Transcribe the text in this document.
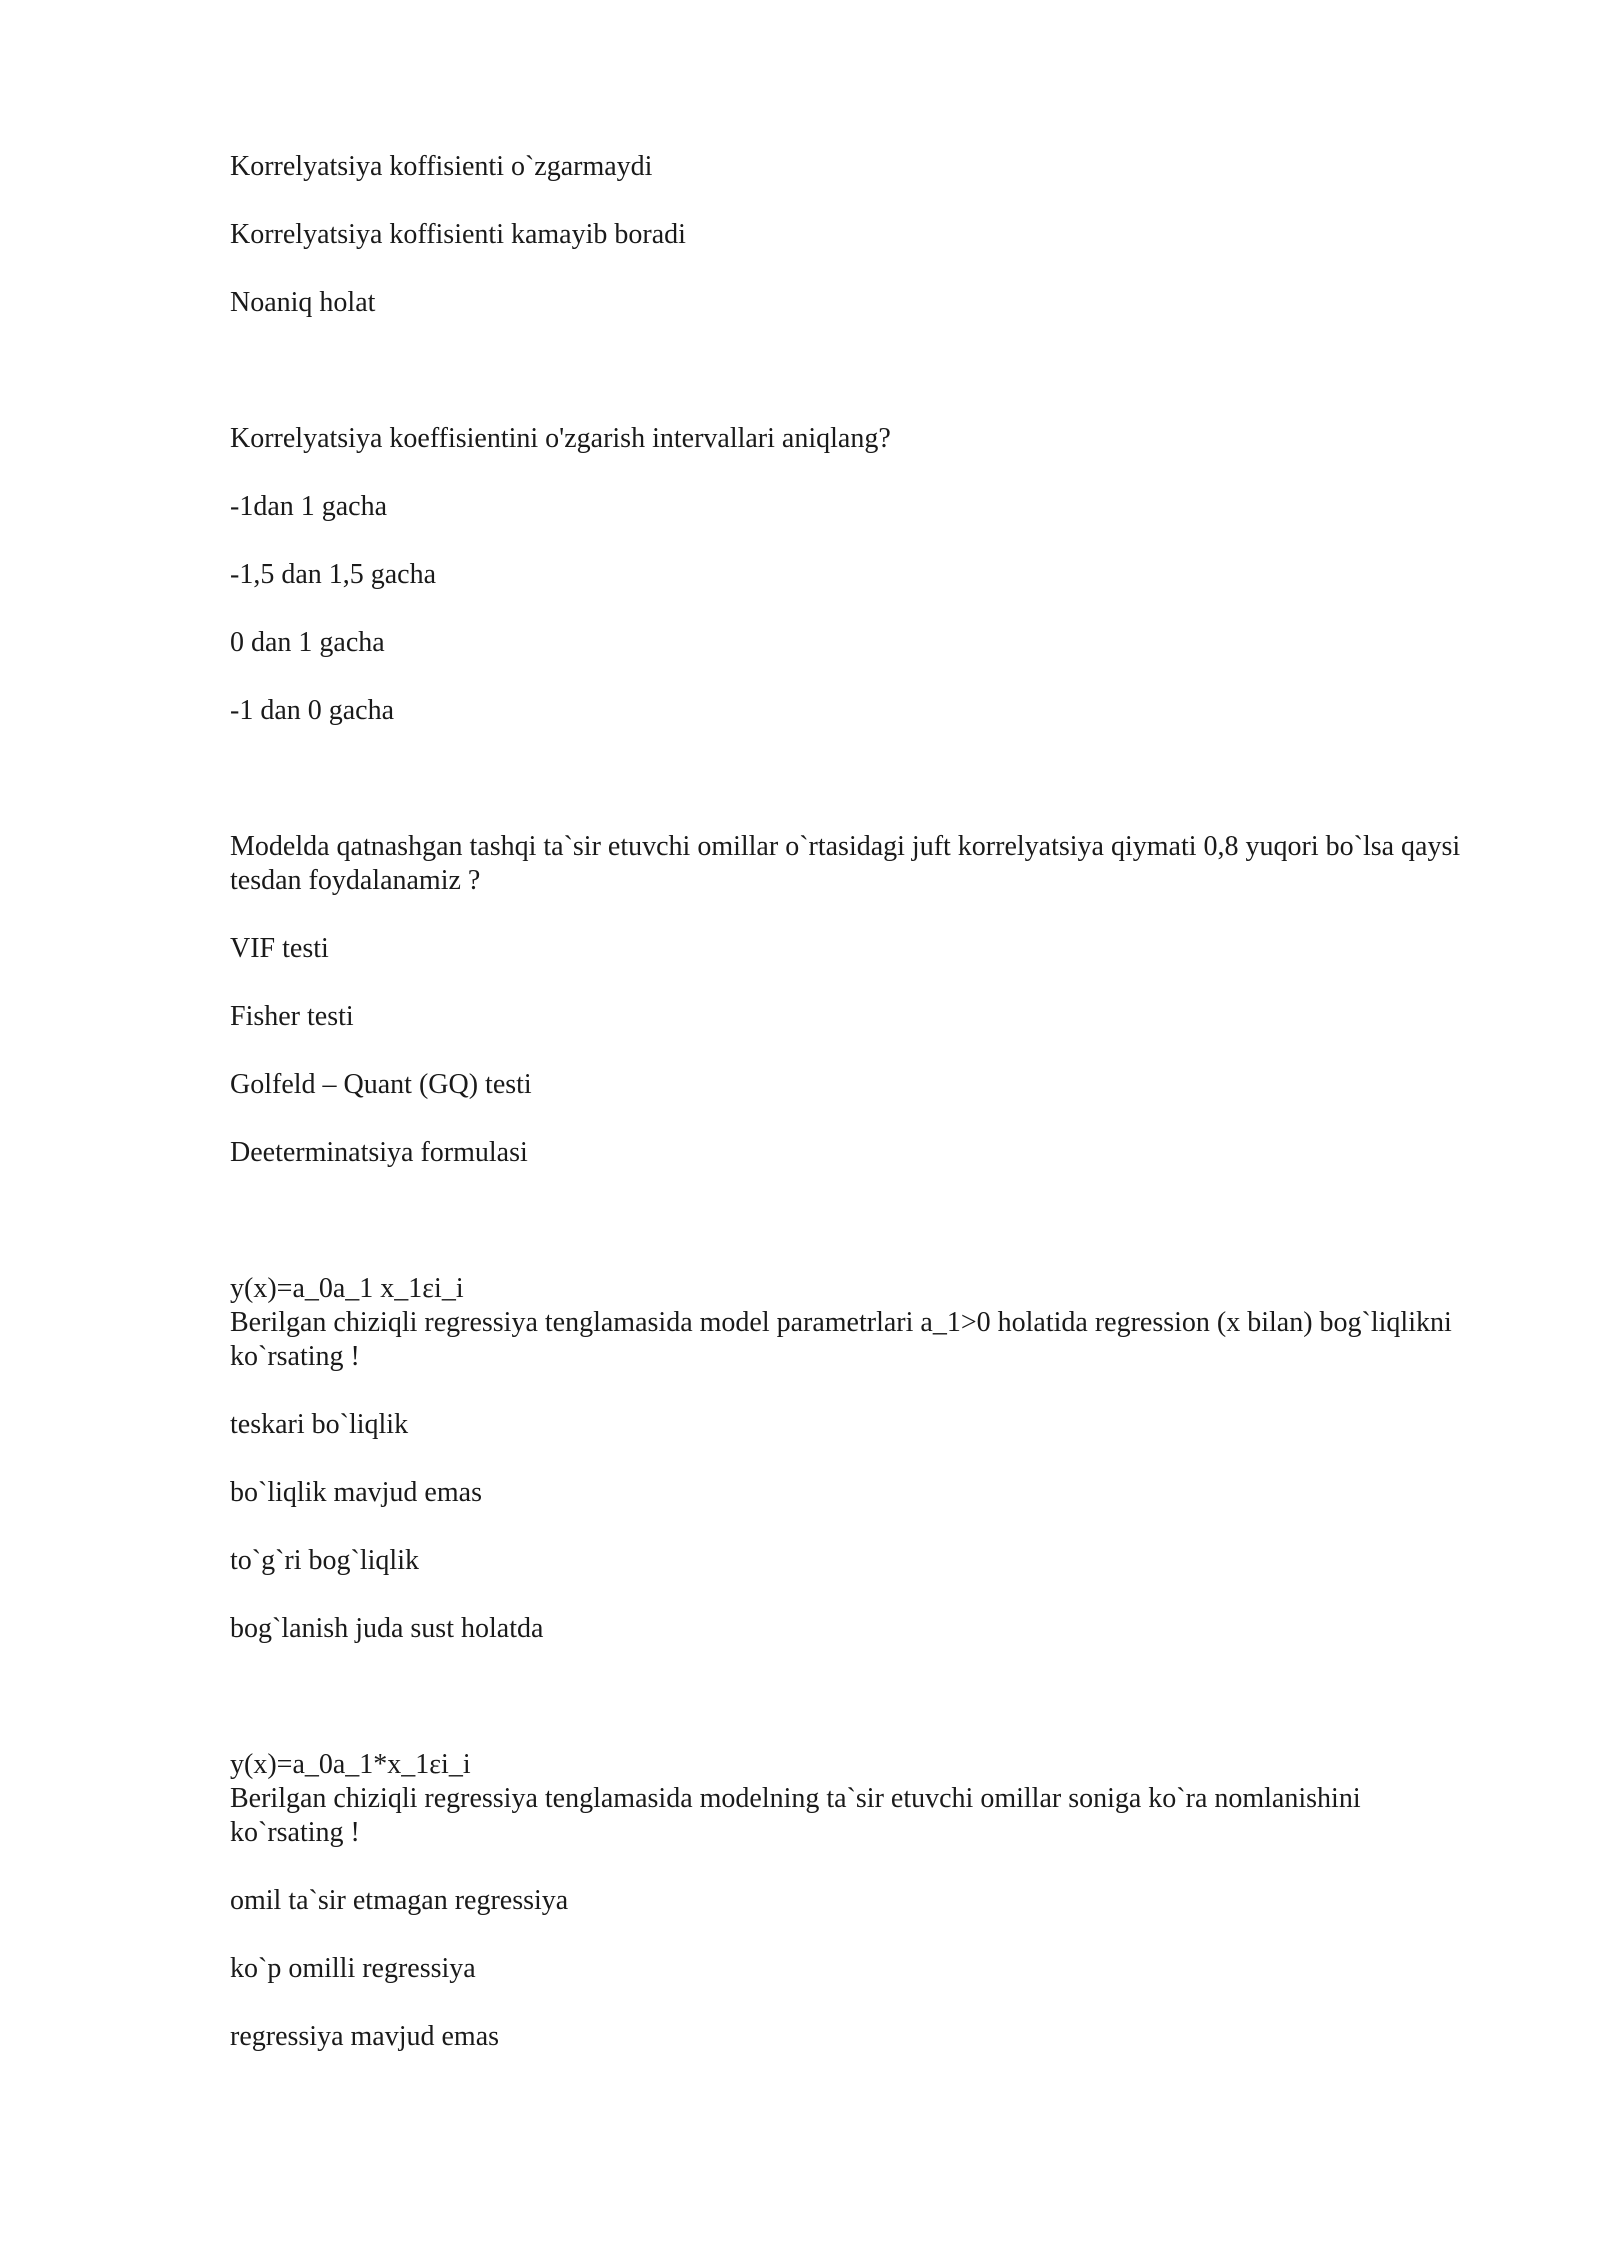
Korrelyatsiya koffisienti o`zgarmaydi
Korrelyatsiya koffisienti kamayib boradi
Noaniq holat
Korrelyatsiya koeffisientini o'zgarish intervallari aniqlang?
-1dan 1 gacha
-1,5 dan 1,5 gacha
0 dan 1 gacha
-1 dan 0 gacha
Modelda qatnashgan tashqi ta`sir etuvchi omillar o`rtasidagi juft korrelyatsiya qiymati 0,8 yuqori bo`lsa qaysi tesdan foydalanamiz ?
VIF testi
Fisher testi
Golfeld – Quant (GQ) testi
Deeterminatsiya formulasi
y(x)=a_0a_1 x_1εi_i
Berilgan chiziqli regressiya tenglamasida model parametrlari a_1>0 holatida regression (x bilan) bog`liqlikni ko`rsating !
teskari bo`liqlik
bo`liqlik mavjud emas
to`g`ri bog`liqlik
bog`lanish juda sust holatda
y(x)=a_0a_1*x_1εi_i
Berilgan chiziqli regressiya tenglamasida modelning ta`sir etuvchi omillar soniga ko`ra nomlanishini ko`rsating !
omil ta`sir etmagan regressiya
ko`p omilli regressiya
regressiya mavjud emas
